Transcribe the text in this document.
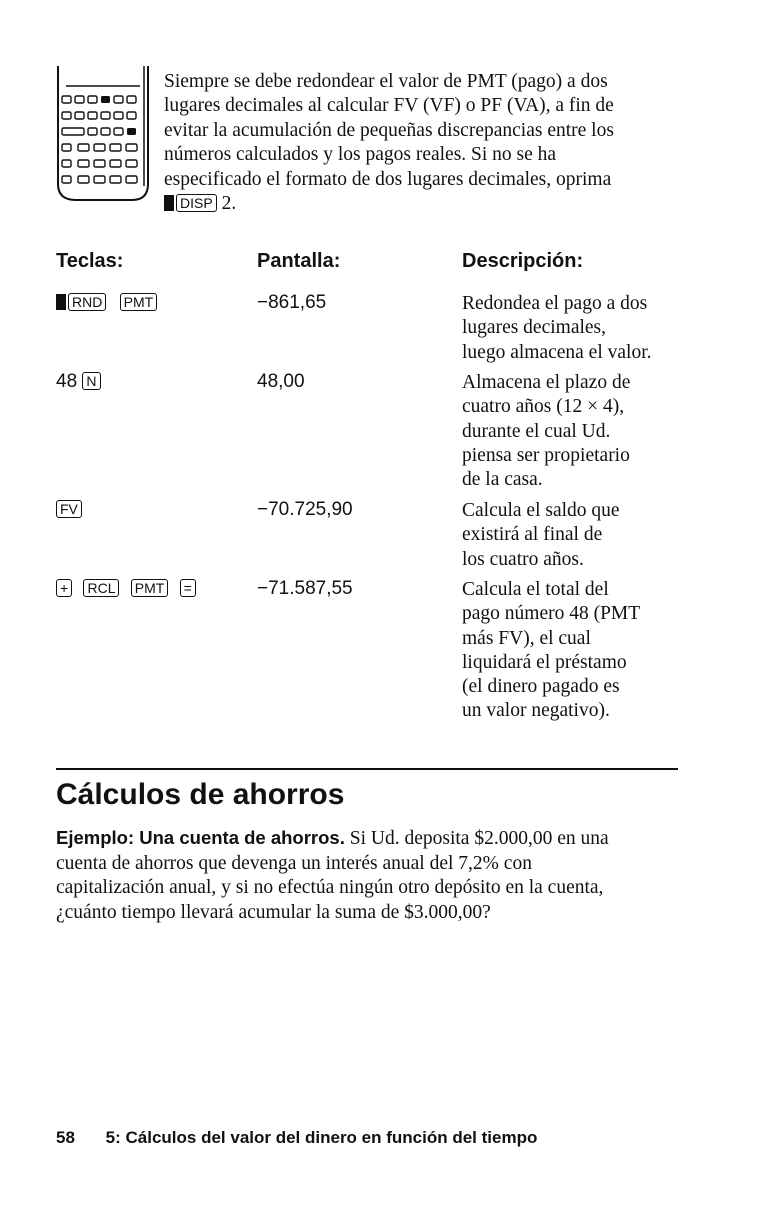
Siempre se debe redondear el valor de PMT (pago) a dos

lugares decimales al calcular FV (VF) o PF (VA), a fin de

evitar la acumulación de pequeñas discrepancias entre los

números calculados y los pagos reales. Si no se ha

especificado el formato de dos lugares decimales, oprima

DISP 2.

Teclas:	Pantalla:	Descripción:
RND PMT	−861,65	Redondea el pago a dos
lugares decimales,
luego almacena el valor.
48 N	48,00	Almacena el plazo de
cuatro años (12 × 4),
durante el cual Ud.
piensa ser propietario
de la casa.
FV	−70.725,90	Calcula el saldo que
existirá al final de
los cuatro años.
+ RCL PMT =	−71.587,55	Calcula el total del
pago número 48 (PMT
más FV), el cual
liquidará el préstamo
(el dinero pagado es
un valor negativo).
Cálculos de ahorros
Ejemplo: Una cuenta de ahorros. Si Ud. deposita $2.000,00 en una
cuenta de ahorros que devenga un interés anual del 7,2% con
capitalización anual, y si no efectúa ningún otro depósito en la cuenta,
¿cuánto tiempo llevará acumular la suma de $3.000,00?
58 5: Cálculos del valor del dinero en función del tiempo
